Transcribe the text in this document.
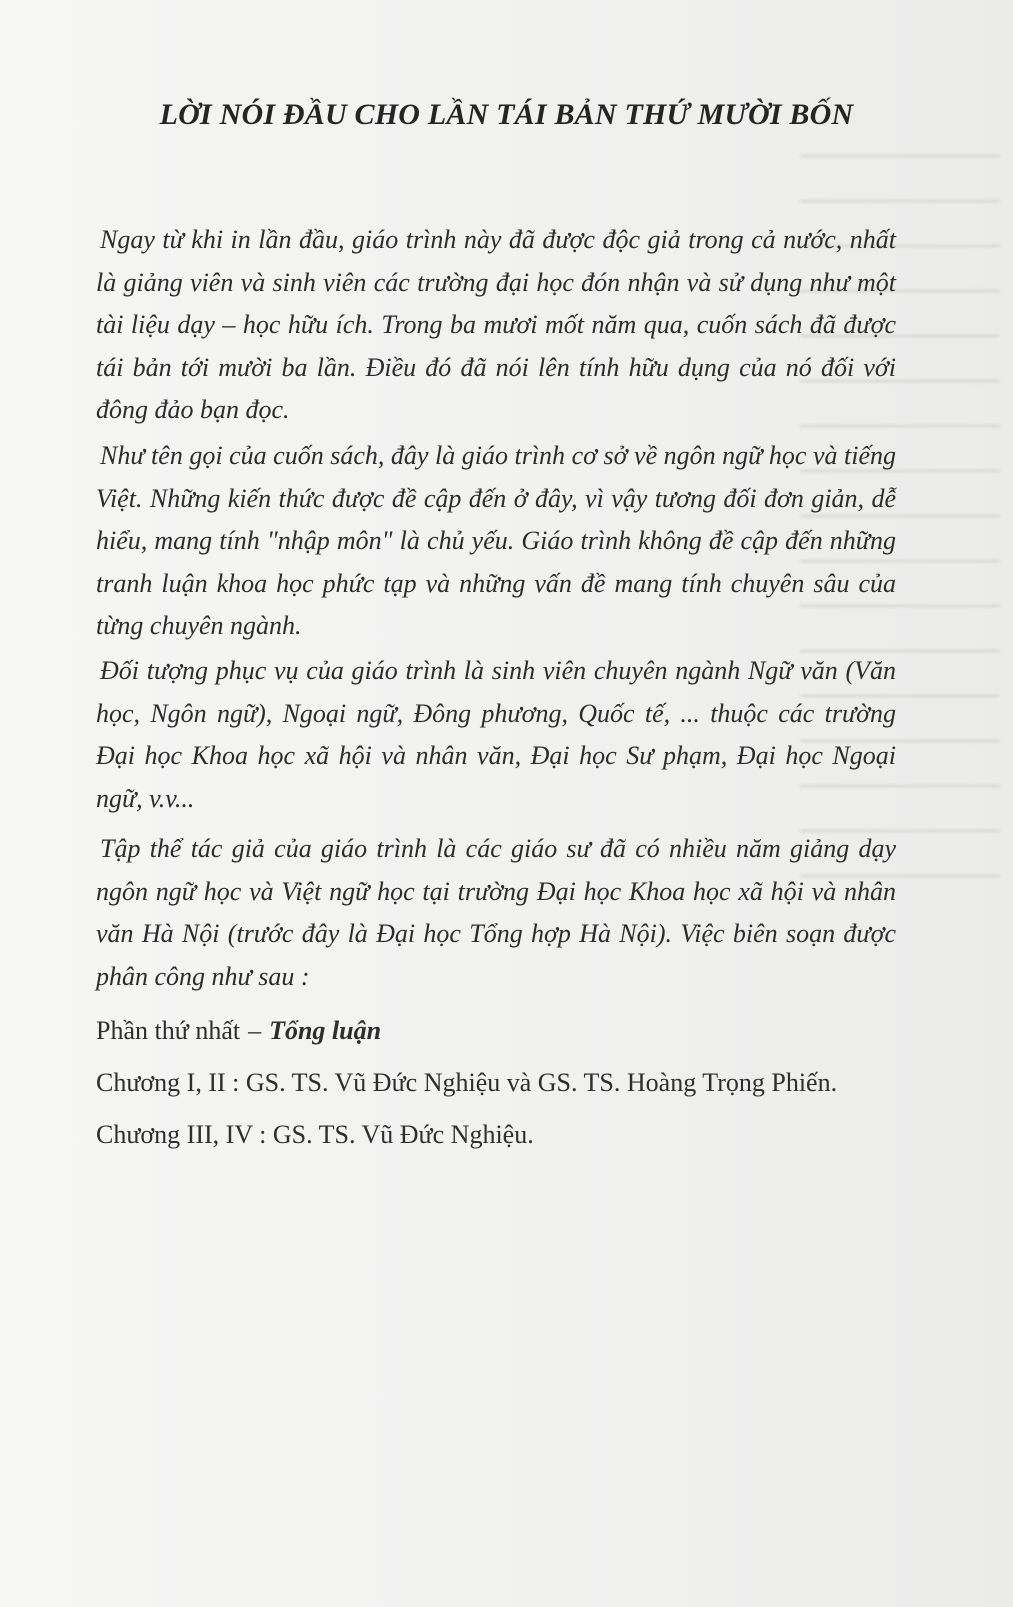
LỜI NÓI ĐẦU CHO LẦN TÁI BẢN THỨ MƯỜI BỐN

Ngay từ khi in lần đầu, giáo trình này đã được độc giả trong cả nước, nhất là giảng viên và sinh viên các trường đại học đón nhận và sử dụng như một tài liệu dạy – học hữu ích. Trong ba mươi mốt năm qua, cuốn sách đã được tái bản tới mười ba lần. Điều đó đã nói lên tính hữu dụng của nó đối với đông đảo bạn đọc.

Như tên gọi của cuốn sách, đây là giáo trình cơ sở về ngôn ngữ học và tiếng Việt. Những kiến thức được đề cập đến ở đây, vì vậy tương đối đơn giản, dễ hiểu, mang tính "nhập môn" là chủ yếu. Giáo trình không đề cập đến những tranh luận khoa học phức tạp và những vấn đề mang tính chuyên sâu của từng chuyên ngành.

Đối tượng phục vụ của giáo trình là sinh viên chuyên ngành Ngữ văn (Văn học, Ngôn ngữ), Ngoại ngữ, Đông phương, Quốc tế, ... thuộc các trường Đại học Khoa học xã hội và nhân văn, Đại học Sư phạm, Đại học Ngoại ngữ, v.v...

Tập thể tác giả của giáo trình là các giáo sư đã có nhiều năm giảng dạy ngôn ngữ học và Việt ngữ học tại trường Đại học Khoa học xã hội và nhân văn Hà Nội (trước đây là Đại học Tổng hợp Hà Nội). Việc biên soạn được phân công như sau :

Phần thứ nhất – Tổng luận
Chương I, II : GS. TS. Vũ Đức Nghiệu và GS. TS. Hoàng Trọng Phiến.
Chương III, IV : GS. TS. Vũ Đức Nghiệu.
